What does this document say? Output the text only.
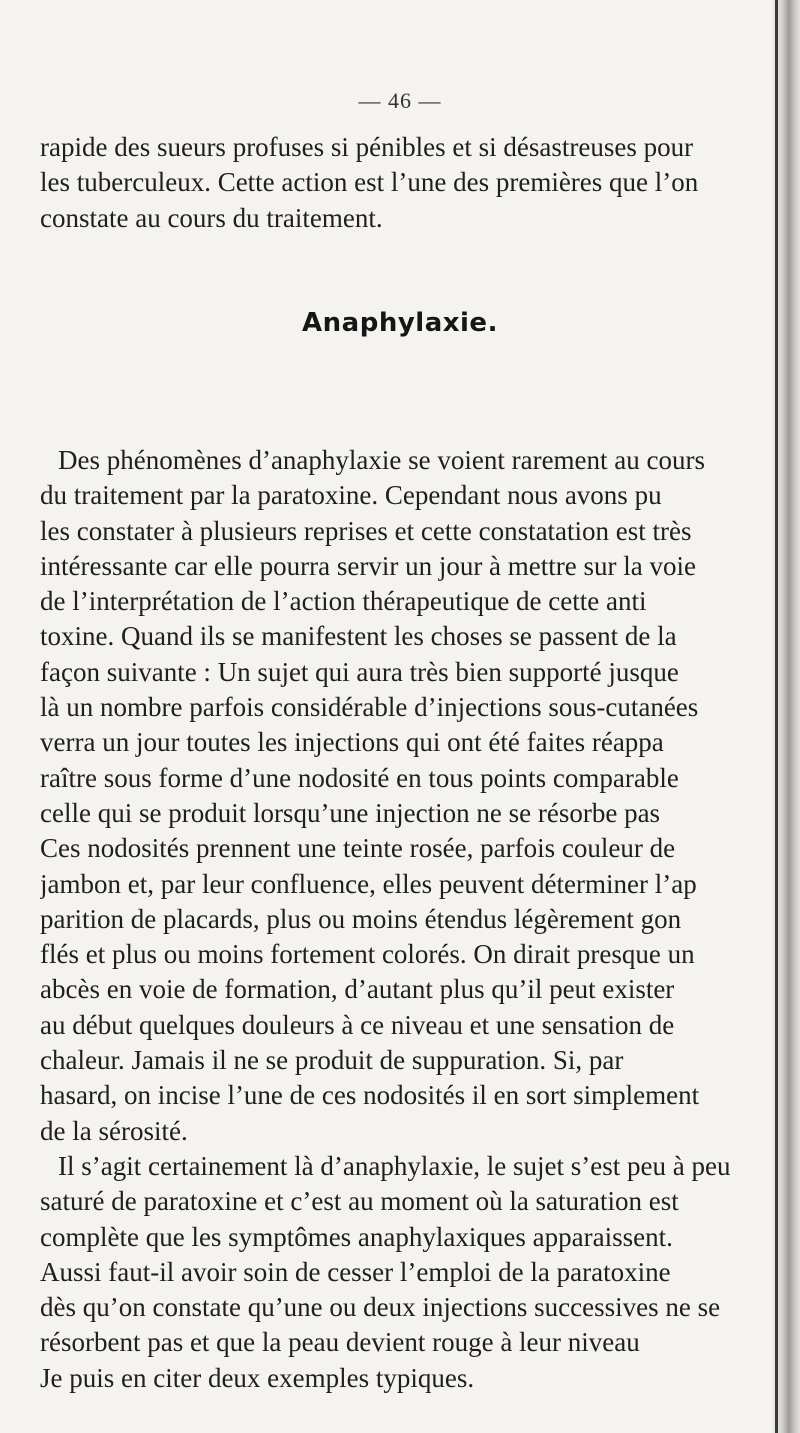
— 46 —
rapide des sueurs profuses si pénibles et si désastreuses pour
les tuberculeux. Cette action est l’une des premières que l’on
constate au cours du traitement.
Anaphylaxie.
Des phénomènes d’anaphylaxie se voient rarement au cours
du traitement par la paratoxine. Cependant nous avons pu
les constater à plusieurs reprises et cette constatation est très
intéressante car elle pourra servir un jour à mettre sur la voie
de l’interprétation de l’action thérapeutique de cette anti
toxine. Quand ils se manifestent les choses se passent de la
façon suivante : Un sujet qui aura très bien supporté jusque
là un nombre parfois considérable d’injections sous-cutanées
verra un jour toutes les injections qui ont été faites réappa
raître sous forme d’une nodosité en tous points comparable
celle qui se produit lorsqu’une injection ne se résorbe pas
Ces nodosités prennent une teinte rosée, parfois couleur de
jambon et, par leur confluence, elles peuvent déterminer l’ap
parition de placards, plus ou moins étendus légèrement gon
flés et plus ou moins fortement colorés. On dirait presque un
abcès en voie de formation, d’autant plus qu’il peut exister
au début quelques douleurs à ce niveau et une sensation de
chaleur. Jamais il ne se produit de suppuration. Si, par
hasard, on incise l’une de ces nodosités il en sort simplement
de la sérosité.
Il s’agit certainement là d’anaphylaxie, le sujet s’est peu à peu
saturé de paratoxine et c’est au moment où la saturation est
complète que les symptômes anaphylaxiques apparaissent.
Aussi faut-il avoir soin de cesser l’emploi de la paratoxine
dès qu’on constate qu’une ou deux injections successives ne se
résorbent pas et que la peau devient rouge à leur niveau
Je puis en citer deux exemples typiques.
